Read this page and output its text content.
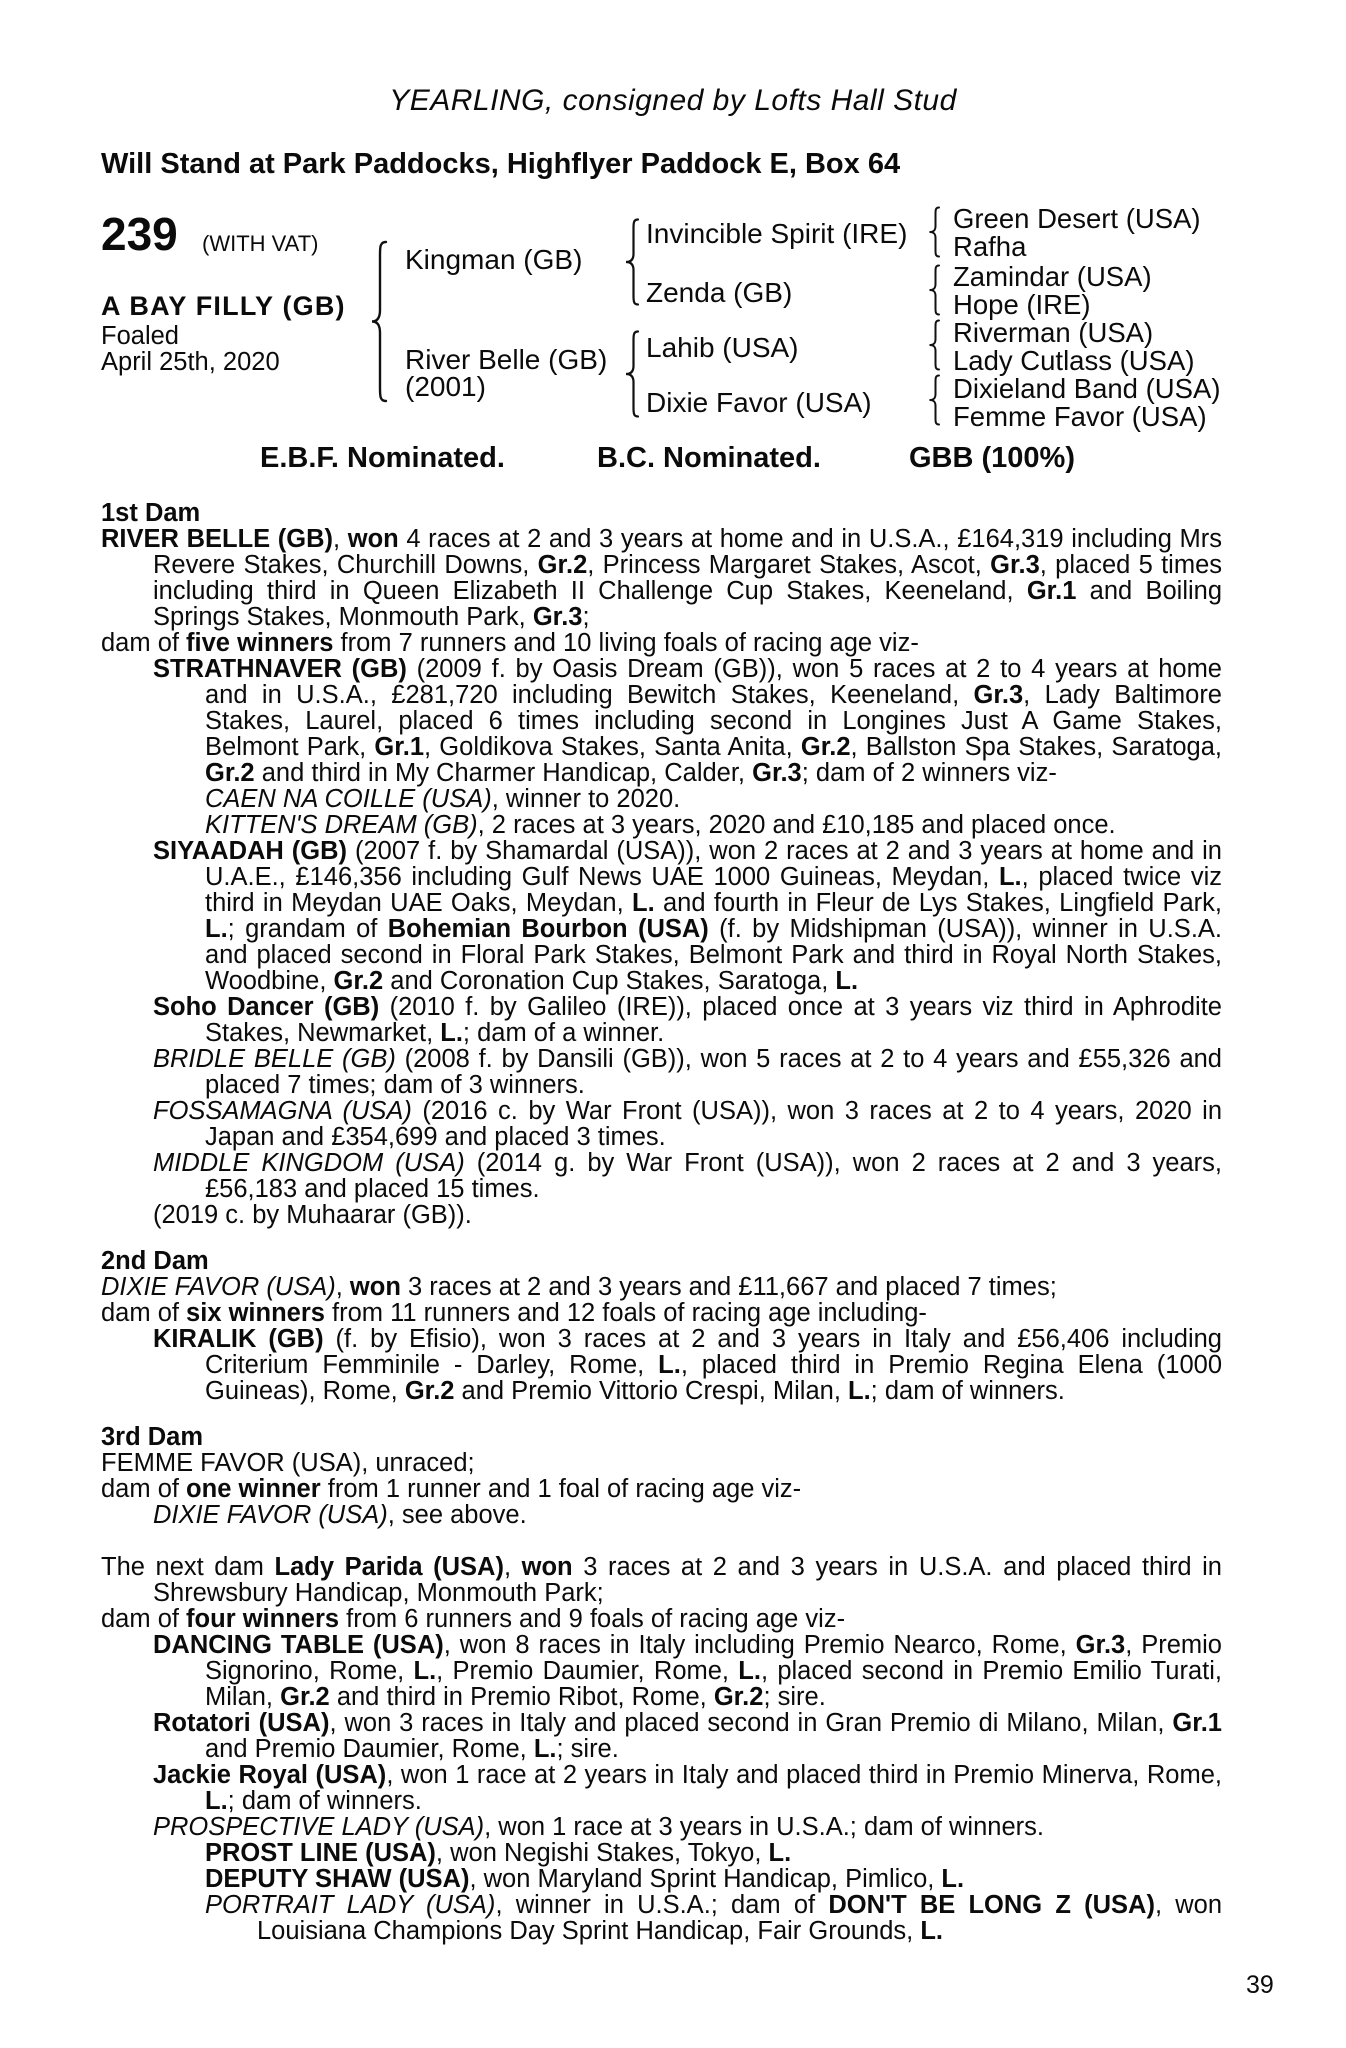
YEARLING, consigned by Lofts Hall Stud
Will Stand at Park Paddocks, Highflyer Paddock E, Box 64
239 (WITH VAT)
A BAY FILLY (GB)
Foaled
April 25th, 2020
Kingman (GB)
River Belle (GB)
(2001)
Invincible Spirit (IRE)
Zenda (GB)
Lahib (USA)
Dixie Favor (USA)
Green Desert (USA)
Rafha
Zamindar (USA)
Hope (IRE)
Riverman (USA)
Lady Cutlass (USA)
Dixieland Band (USA)
Femme Favor (USA)
E.B.F. Nominated.	B.C. Nominated.	GBB (100%)
1st Dam
RIVER BELLE (GB), won 4 races at 2 and 3 years at home and in U.S.A., £164,319 including Mrs Revere Stakes, Churchill Downs, Gr.2, Princess Margaret Stakes, Ascot, Gr.3, placed 5 times including third in Queen Elizabeth II Challenge Cup Stakes, Keeneland, Gr.1 and Boiling Springs Stakes, Monmouth Park, Gr.3;
dam of five winners from 7 runners and 10 living foals of racing age viz-
STRATHNAVER (GB) (2009 f. by Oasis Dream (GB)), won 5 races at 2 to 4 years at home and in U.S.A., £281,720 including Bewitch Stakes, Keeneland, Gr.3, Lady Baltimore Stakes, Laurel, placed 6 times including second in Longines Just A Game Stakes, Belmont Park, Gr.1, Goldikova Stakes, Santa Anita, Gr.2, Ballston Spa Stakes, Saratoga, Gr.2 and third in My Charmer Handicap, Calder, Gr.3; dam of 2 winners viz-
CAEN NA COILLE (USA), winner to 2020.
KITTEN'S DREAM (GB), 2 races at 3 years, 2020 and £10,185 and placed once.
SIYAADAH (GB) (2007 f. by Shamardal (USA)), won 2 races at 2 and 3 years at home and in U.A.E., £146,356 including Gulf News UAE 1000 Guineas, Meydan, L., placed twice viz third in Meydan UAE Oaks, Meydan, L. and fourth in Fleur de Lys Stakes, Lingfield Park, L.; grandam of Bohemian Bourbon (USA) (f. by Midshipman (USA)), winner in U.S.A. and placed second in Floral Park Stakes, Belmont Park and third in Royal North Stakes, Woodbine, Gr.2 and Coronation Cup Stakes, Saratoga, L.
Soho Dancer (GB) (2010 f. by Galileo (IRE)), placed once at 3 years viz third in Aphrodite Stakes, Newmarket, L.; dam of a winner.
BRIDLE BELLE (GB) (2008 f. by Dansili (GB)), won 5 races at 2 to 4 years and £55,326 and placed 7 times; dam of 3 winners.
FOSSAMAGNA (USA) (2016 c. by War Front (USA)), won 3 races at 2 to 4 years, 2020 in Japan and £354,699 and placed 3 times.
MIDDLE KINGDOM (USA) (2014 g. by War Front (USA)), won 2 races at 2 and 3 years, £56,183 and placed 15 times.
(2019 c. by Muhaarar (GB)).
2nd Dam
DIXIE FAVOR (USA), won 3 races at 2 and 3 years and £11,667 and placed 7 times;
dam of six winners from 11 runners and 12 foals of racing age including-
KIRALIK (GB) (f. by Efisio), won 3 races at 2 and 3 years in Italy and £56,406 including Criterium Femminile - Darley, Rome, L., placed third in Premio Regina Elena (1000 Guineas), Rome, Gr.2 and Premio Vittorio Crespi, Milan, L.; dam of winners.
3rd Dam
FEMME FAVOR (USA), unraced;
dam of one winner from 1 runner and 1 foal of racing age viz-
DIXIE FAVOR (USA), see above.
The next dam Lady Parida (USA), won 3 races at 2 and 3 years in U.S.A. and placed third in Shrewsbury Handicap, Monmouth Park;
dam of four winners from 6 runners and 9 foals of racing age viz-
DANCING TABLE (USA), won 8 races in Italy including Premio Nearco, Rome, Gr.3, Premio Signorino, Rome, L., Premio Daumier, Rome, L., placed second in Premio Emilio Turati, Milan, Gr.2 and third in Premio Ribot, Rome, Gr.2; sire.
Rotatori (USA), won 3 races in Italy and placed second in Gran Premio di Milano, Milan, Gr.1 and Premio Daumier, Rome, L.; sire.
Jackie Royal (USA), won 1 race at 2 years in Italy and placed third in Premio Minerva, Rome, L.; dam of winners.
PROSPECTIVE LADY (USA), won 1 race at 3 years in U.S.A.; dam of winners.
PROST LINE (USA), won Negishi Stakes, Tokyo, L.
DEPUTY SHAW (USA), won Maryland Sprint Handicap, Pimlico, L.
PORTRAIT LADY (USA), winner in U.S.A.; dam of DON'T BE LONG Z (USA), won Louisiana Champions Day Sprint Handicap, Fair Grounds, L.
39
